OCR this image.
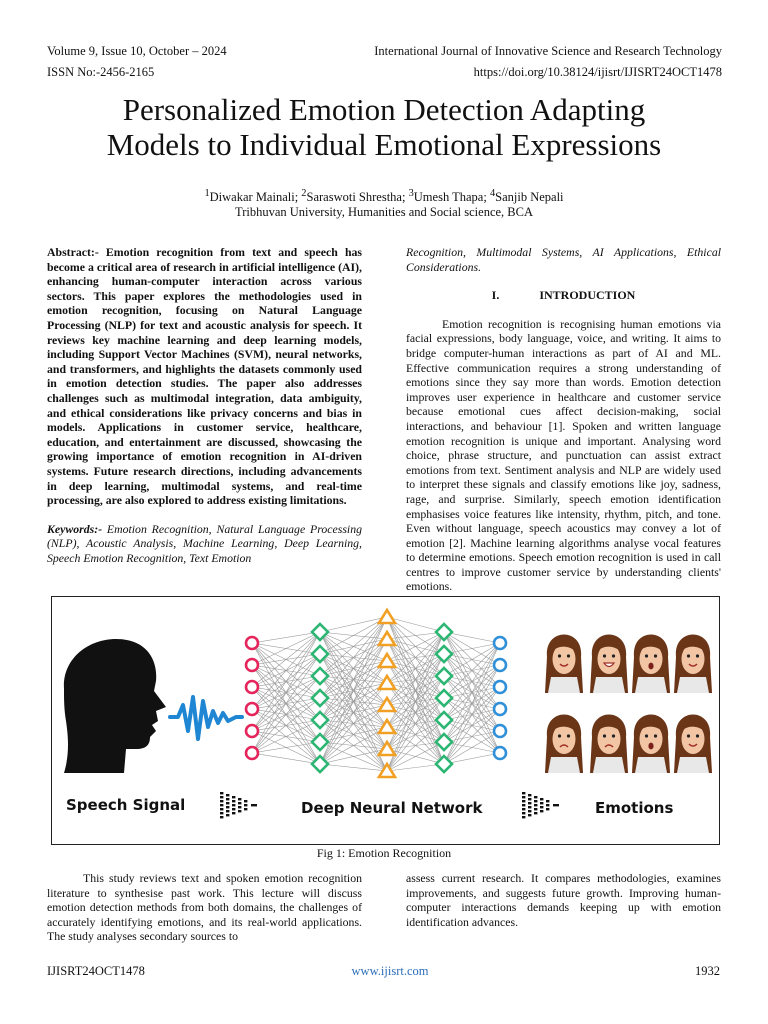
Volume 9, Issue 10, October – 2024
ISSN No:-2456-2165
International Journal of Innovative Science and Research Technology
https://doi.org/10.38124/ijisrt/IJISRT24OCT1478
Personalized Emotion Detection Adapting
Models to Individual Emotional Expressions
$^1$Diwakar Mainali; $^2$Saraswoti Shrestha; $^3$Umesh Thapa; $^4$Sanjib Nepali
Tribhuvan University, Humanities and Social science, BCA

Abstract:- Emotion recognition from text and speech has become a critical area of research in artificial intelligence (AI), enhancing human-computer interaction across various sectors. This paper explores the methodologies used in emotion recognition, focusing on Natural Language Processing (NLP) for text and acoustic analysis for speech. It reviews key machine learning and deep learning models, including Support Vector Machines (SVM), neural networks, and transformers, and highlights the datasets commonly used in emotion detection studies. The paper also addresses challenges such as multimodal integration, data ambiguity, and ethical considerations like privacy concerns and bias in models. Applications in customer service, healthcare, education, and entertainment are discussed, showcasing the growing importance of emotion recognition in AI-driven systems. Future research directions, including advancements in deep learning, multimodal systems, and real-time processing, are also explored to address existing limitations.

Keywords:- Emotion Recognition, Natural Language Processing (NLP), Acoustic Analysis, Machine Learning, Deep Learning, Speech Emotion Recognition, Text Emotion

Recognition, Multimodal Systems, AI Applications, Ethical Considerations.

I.	INTRODUCTION

Emotion recognition is recognising human emotions via facial expressions, body language, voice, and writing. It aims to bridge computer-human interactions as part of AI and ML. Effective communication requires a strong understanding of emotions since they say more than words. Emotion detection improves user experience in healthcare and customer service because emotional cues affect decision-making, social interactions, and behaviour [1]. Spoken and written language emotion recognition is unique and important. Analysing word choice, phrase structure, and punctuation can assist extract emotions from text. Sentiment analysis and NLP are widely used to interpret these signals and classify emotions like joy, sadness, rage, and surprise. Similarly, speech emotion identification emphasises voice features like intensity, rhythm, pitch, and tone. Even without language, speech acoustics may convey a lot of emotion [2]. Machine learning algorithms analyse vocal features to determine emotions. Speech emotion recognition is used in call centres to improve customer service by understanding clients' emotions.

Speech Signal	Deep Neural Network	Emotions
Fig 1: Emotion Recognition
This study reviews text and spoken emotion recognition literature to synthesise past work. This lecture will discuss emotion detection methods from both domains, the challenges of accurately identifying emotions, and its real-world applications. The study analyses secondary sources to
assess current research. It compares methodologies, examines improvements, and suggests future growth. Improving human-computer interactions demands keeping up with emotion identification advances.
IJISRT24OCT1478	www.ijisrt.com	1932
